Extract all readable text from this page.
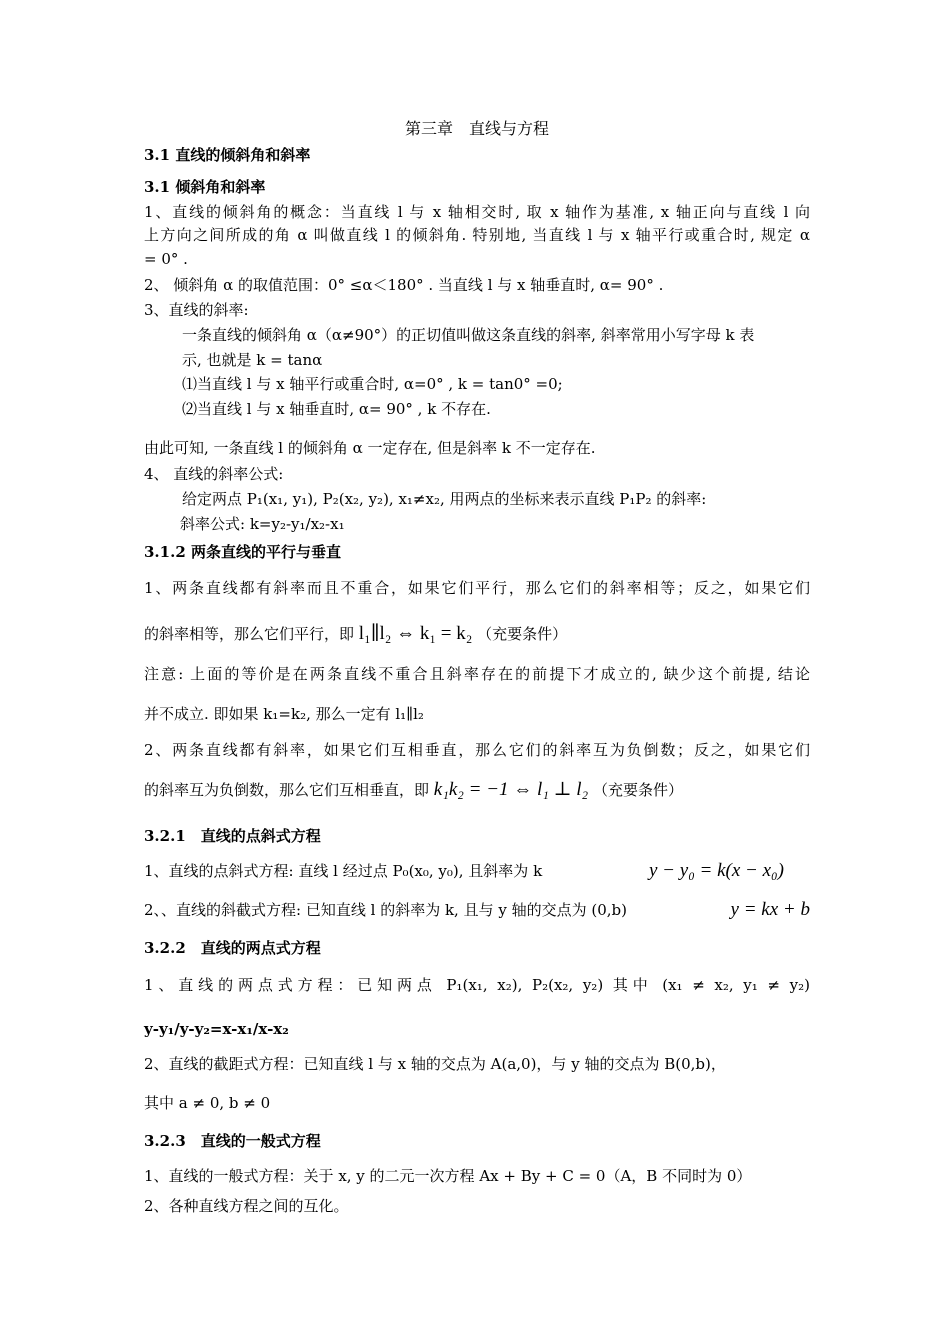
第三章　直线与方程
3.1 直线的倾斜角和斜率
3.1 倾斜角和斜率
1、直线的倾斜角的概念：当直线 l 与 x 轴相交时, 取 x 轴作为基准, x 轴正向与直线 l 向
上方向之间所成的角 α 叫做直线 l 的倾斜角. 特别地, 当直线 l 与 x 轴平行或重合时, 规定 α
= 0° .
2、 倾斜角 α 的取值范围：0° ≤α＜180° . 当直线 l 与 x 轴垂直时, α= 90° .
3、直线的斜率:
一条直线的倾斜角 α（α≠90°）的正切值叫做这条直线的斜率, 斜率常用小写字母 k 表
示, 也就是 k = tanα
⑴当直线 l 与 x 轴平行或重合时, α=0° , k = tan0° =0;
⑵当直线 l 与 x 轴垂直时, α= 90° , k 不存在.
由此可知, 一条直线 l 的倾斜角 α 一定存在, 但是斜率 k 不一定存在.
4、 直线的斜率公式:
给定两点 P₁(x₁, y₁), P₂(x₂, y₂), x₁≠x₂, 用两点的坐标来表示直线 P₁P₂ 的斜率:
斜率公式: k=y₂-y₁/x₂-x₁
3.1.2 两条直线的平行与垂直
1、两条直线都有斜率而且不重合，如果它们平行，那么它们的斜率相等；反之，如果它们
的斜率相等，那么它们平行，即 l₁∥l₂ ⇔ k₁ = k₂ （充要条件）
注意: 上面的等价是在两条直线不重合且斜率存在的前提下才成立的, 缺少这个前提, 结论
并不成立. 即如果 k₁=k₂, 那么一定有 l₁∥l₂
2、两条直线都有斜率，如果它们互相垂直，那么它们的斜率互为负倒数；反之，如果它们
的斜率互为负倒数，那么它们互相垂直，即 k₁k₂ = −1 ⇔ l₁ ⊥ l₂ （充要条件）
3.2.1　直线的点斜式方程
1、直线的点斜式方程: 直线 l 经过点 P₀(x₀, y₀), 且斜率为 k	y − y₀ = k(x − x₀)
2、、直线的斜截式方程: 已知直线 l 的斜率为 k, 且与 y 轴的交点为 (0,b)	y = kx + b
3.2.2　直线的两点式方程
1、直线的两点式方程：已知两点 P₁(x₁, x₂), P₂(x₂, y₂) 其中 (x₁ ≠ x₂, y₁ ≠ y₂)
y-y₁/y-y₂=x-x₁/x-x₂
2、直线的截距式方程：已知直线 l 与 x 轴的交点为 A(a,0)，与 y 轴的交点为 B(0,b)，
其中 a ≠ 0, b ≠ 0
3.2.3　直线的一般式方程
1、直线的一般式方程：关于 x, y 的二元一次方程 Ax + By + C = 0（A，B 不同时为 0）
2、各种直线方程之间的互化。
